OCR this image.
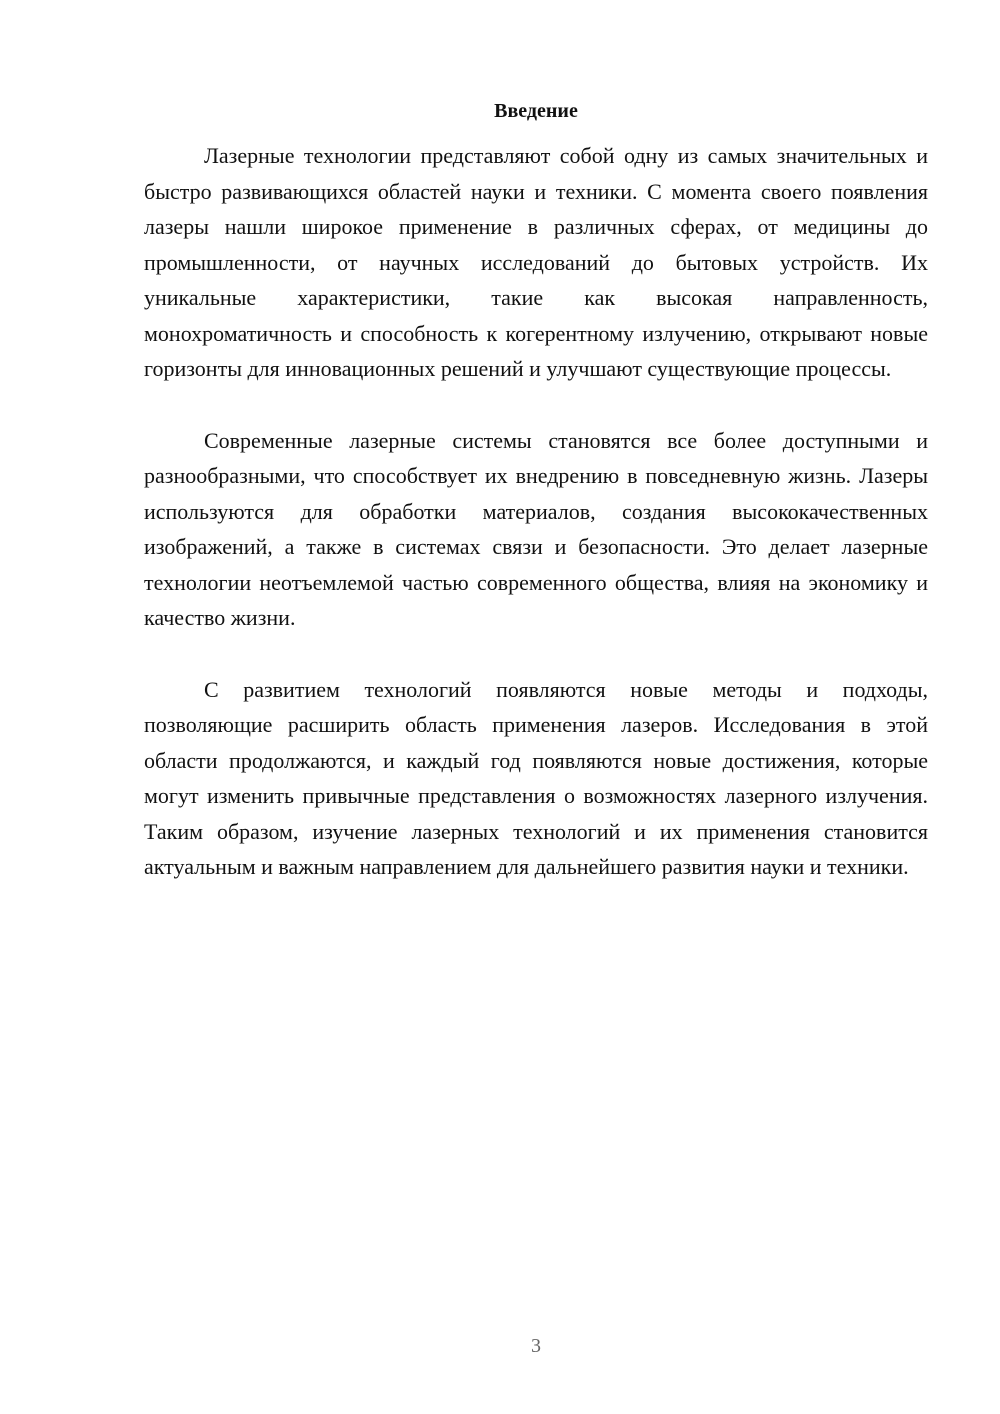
Введение

Лазерные технологии представляют собой одну из самых значительных и быстро развивающихся областей науки и техники. С момента своего появления лазеры нашли широкое применение в различных сферах, от медицины до промышленности, от научных исследований до бытовых устройств. Их уникальные характеристики, такие как высокая направленность, монохроматичность и способность к когерентному излучению, открывают новые горизонты для инновационных решений и улучшают существующие процессы.

Современные лазерные системы становятся все более доступными и разнообразными, что способствует их внедрению в повседневную жизнь. Лазеры используются для обработки материалов, создания высококачественных изображений, а также в системах связи и безопасности. Это делает лазерные технологии неотъемлемой частью современного общества, влияя на экономику и качество жизни.

С развитием технологий появляются новые методы и подходы, позволяющие расширить область применения лазеров. Исследования в этой области продолжаются, и каждый год появляются новые достижения, которые могут изменить привычные представления о возможностях лазерного излучения. Таким образом, изучение лазерных технологий и их применения становится актуальным и важным направлением для дальнейшего развития науки и техники.

3
